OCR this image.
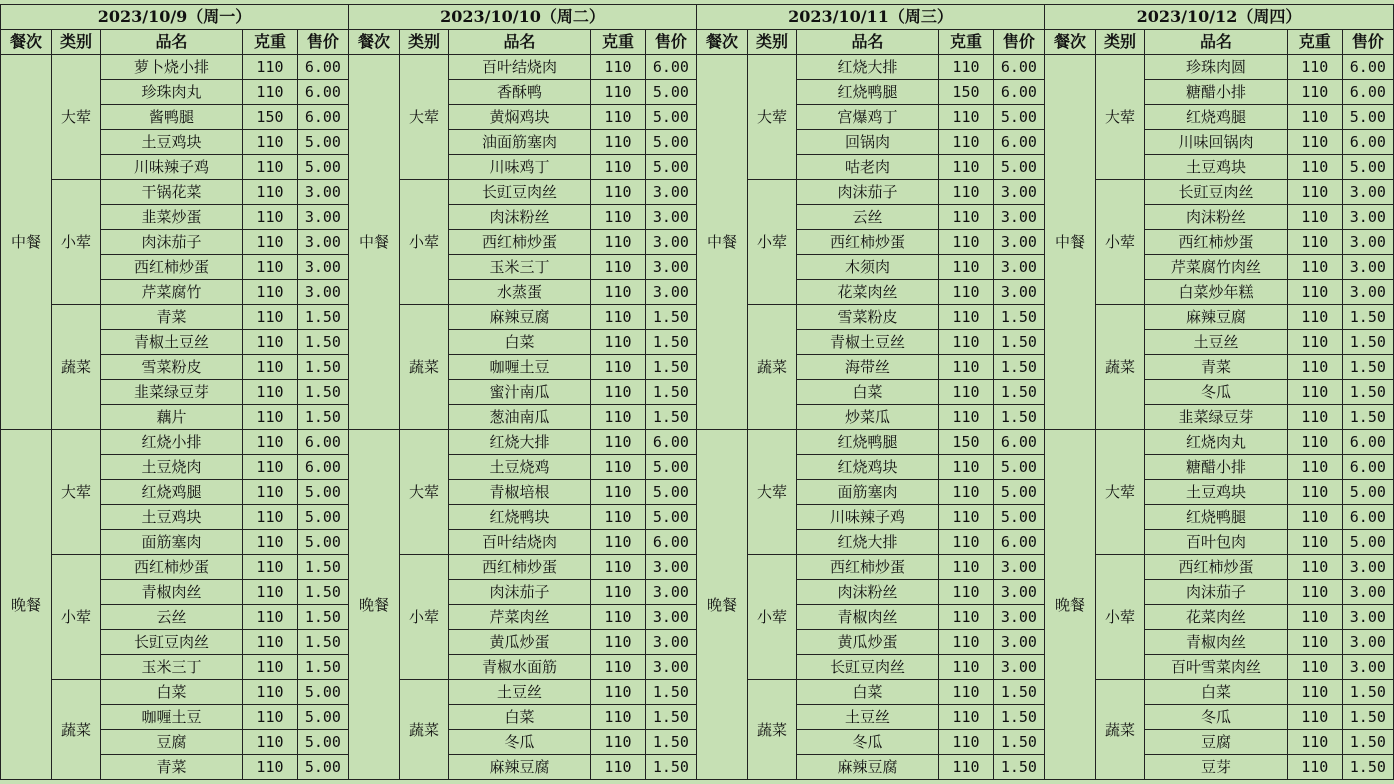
2023/10/9（周一）					2023/10/10（周二）					2023/10/11（周三）					2023/10/12（周四）				
餐次	类别	品名	克重	售价	餐次	类别	品名	克重	售价	餐次	类别	品名	克重	售价	餐次	类别	品名	克重	售价
中餐	大荤	萝卜烧小排	110	6.00	中餐	大荤	百叶结烧肉	110	6.00	中餐	大荤	红烧大排	110	6.00	中餐	大荤	珍珠肉圆	110	6.00
		珍珠肉丸	110	6.00			香酥鸭	110	5.00			红烧鸭腿	150	6.00			糖醋小排	110	6.00
		酱鸭腿	150	6.00			黄焖鸡块	110	5.00			宫爆鸡丁	110	5.00			红烧鸡腿	110	5.00
		土豆鸡块	110	5.00			油面筋塞肉	110	5.00			回锅肉	110	6.00			川味回锅肉	110	6.00
		川味辣子鸡	110	5.00			川味鸡丁	110	5.00			咕老肉	110	5.00			土豆鸡块	110	5.00
	小荤	干锅花菜	110	3.00		小荤	长豇豆肉丝	110	3.00		小荤	肉沫茄子	110	3.00		小荤	长豇豆肉丝	110	3.00
		韭菜炒蛋	110	3.00			肉沫粉丝	110	3.00			云丝	110	3.00			肉沫粉丝	110	3.00
		肉沫茄子	110	3.00			西红柿炒蛋	110	3.00			西红柿炒蛋	110	3.00			西红柿炒蛋	110	3.00
		西红柿炒蛋	110	3.00			玉米三丁	110	3.00			木须肉	110	3.00			芹菜腐竹肉丝	110	3.00
		芹菜腐竹	110	3.00			水蒸蛋	110	3.00			花菜肉丝	110	3.00			白菜炒年糕	110	3.00
	蔬菜	青菜	110	1.50		蔬菜	麻辣豆腐	110	1.50		蔬菜	雪菜粉皮	110	1.50		蔬菜	麻辣豆腐	110	1.50
		青椒土豆丝	110	1.50			白菜	110	1.50			青椒土豆丝	110	1.50			土豆丝	110	1.50
		雪菜粉皮	110	1.50			咖喱土豆	110	1.50			海带丝	110	1.50			青菜	110	1.50
		韭菜绿豆芽	110	1.50			蜜汁南瓜	110	1.50			白菜	110	1.50			冬瓜	110	1.50
		藕片	110	1.50			葱油南瓜	110	1.50			炒菜瓜	110	1.50			韭菜绿豆芽	110	1.50
晚餐	大荤	红烧小排	110	6.00	晚餐	大荤	红烧大排	110	6.00	晚餐	大荤	红烧鸭腿	150	6.00	晚餐	大荤	红烧肉丸	110	6.00
		土豆烧肉	110	6.00			土豆烧鸡	110	5.00			红烧鸡块	110	5.00			糖醋小排	110	6.00
		红烧鸡腿	110	5.00			青椒培根	110	5.00			面筋塞肉	110	5.00			土豆鸡块	110	5.00
		土豆鸡块	110	5.00			红烧鸭块	110	5.00			川味辣子鸡	110	5.00			红烧鸭腿	110	6.00
		面筋塞肉	110	5.00			百叶结烧肉	110	6.00			红烧大排	110	6.00			百叶包肉	110	5.00
	小荤	西红柿炒蛋	110	1.50		小荤	西红柿炒蛋	110	3.00		小荤	西红柿炒蛋	110	3.00		小荤	西红柿炒蛋	110	3.00
		青椒肉丝	110	1.50			肉沫茄子	110	3.00			肉沫粉丝	110	3.00			肉沫茄子	110	3.00
		云丝	110	1.50			芹菜肉丝	110	3.00			青椒肉丝	110	3.00			花菜肉丝	110	3.00
		长豇豆肉丝	110	1.50			黄瓜炒蛋	110	3.00			黄瓜炒蛋	110	3.00			青椒肉丝	110	3.00
		玉米三丁	110	1.50			青椒水面筋	110	3.00			长豇豆肉丝	110	3.00			百叶雪菜肉丝	110	3.00
	蔬菜	白菜	110	5.00		蔬菜	土豆丝	110	1.50		蔬菜	白菜	110	1.50		蔬菜	白菜	110	1.50
		咖喱土豆	110	5.00			白菜	110	1.50			土豆丝	110	1.50			冬瓜	110	1.50
		豆腐	110	5.00			冬瓜	110	1.50			冬瓜	110	1.50			豆腐	110	1.50
		青菜	110	5.00			麻辣豆腐	110	1.50			麻辣豆腐	110	1.50			豆芽	110	1.50
